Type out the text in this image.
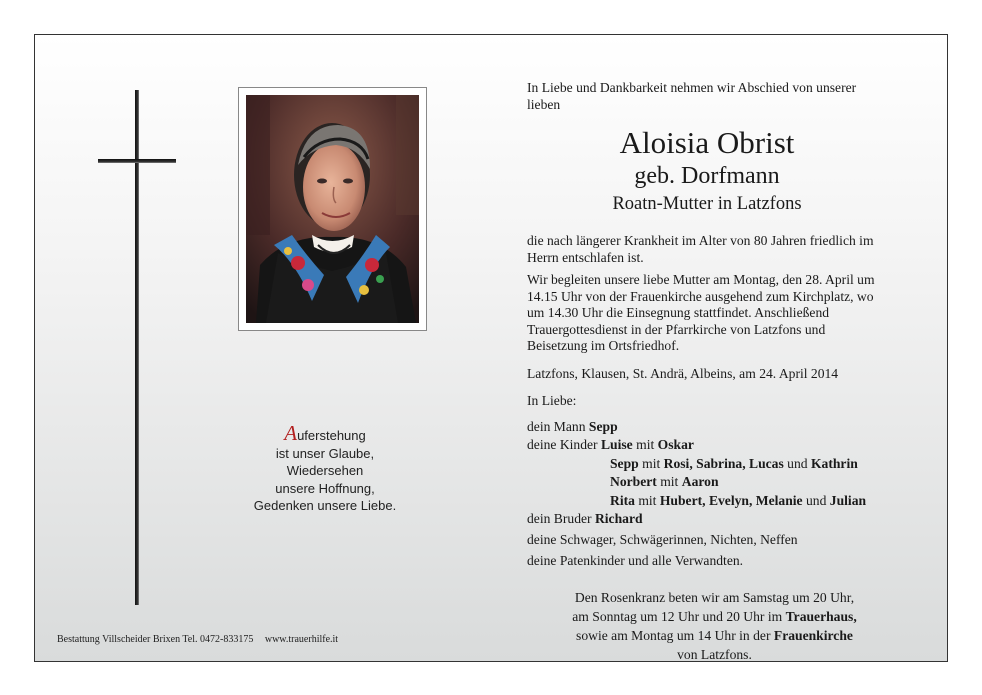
Auferstehung
ist unser Glaube,
Wiedersehen
unsere Hoffnung,
Gedenken unsere Liebe.
Bestattung Villscheider Brixen Tel. 0472-833175 www.trauerhilfe.it

In Liebe und Dankbarkeit nehmen wir Abschied von unserer lieben

Aloisia Obrist
geb. Dorfmann
Roatn-Mutter in Latzfons

die nach längerer Krankheit im Alter von 80 Jahren friedlich im Herrn entschlafen ist.

Wir begleiten unsere liebe Mutter am Montag, den 28. April um 14.15 Uhr von der Frauenkirche ausgehend zum Kirchplatz, wo um 14.30 Uhr die Einsegnung stattfindet. Anschließend Trauergottesdienst in der Pfarrkirche von Latzfons und Beisetzung im Ortsfriedhof.

Latzfons, Klausen, St. Andrä, Albeins, am 24. April 2014

In Liebe:

dein Mann Sepp
deine Kinder Luise mit Oskar
Sepp mit Rosi, Sabrina, Lucas und Kathrin
Norbert mit Aaron
Rita mit Hubert, Evelyn, Melanie und Julian
dein Bruder Richard
deine Schwager, Schwägerinnen, Nichten, Neffen
deine Patenkinder und alle Verwandten.
Den Rosenkranz beten wir am Samstag um 20 Uhr,
am Sonntag um 12 Uhr und 20 Uhr im Trauerhaus,
sowie am Montag um 14 Uhr in der Frauenkirche
von Latzfons.
